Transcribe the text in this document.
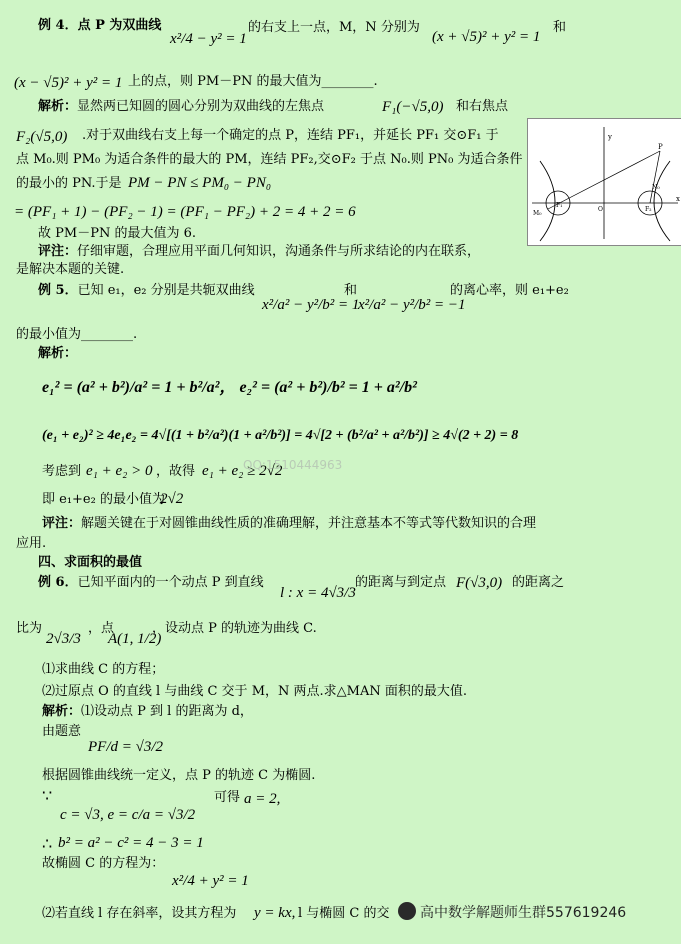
例 4．点 P 为双曲线
x²/4 − y² = 1
的右支上一点，M，N 分别为
(x + √5)² + y² = 1
和
(x − √5)² + y² = 1 上的点，则 PM－PN 的最大值为________.
解析：显然两已知圆的圆心分别为双曲线的左焦点	F₁(−√5,0) 和右焦点
F₂(√5,0) .对于双曲线右支上每一个确定的点 P，连结 PF₁，并延长 PF₁ 交⊙F₁ 于
点 M₀.则 PM₀ 为适合条件的最大的 PM，连结 PF₂,交⊙F₂ 于点 N₀.则 PN₀ 为适合条件
的最小的 PN.于是 PM − PN ≤ PM₀ − PN₀
= (PF₁ + 1) − (PF₂ − 1) = (PF₁ − PF₂) + 2 = 4 + 2 = 6
故 PM－PN 的最大值为 6.
评注：仔细审题，合理应用平面几何知识，沟通条件与所求结论的内在联系，
是解决本题的关键.
y
x
P
N₀
M₀
F₁
O	F₂
例 5．已知 e₁，e₂ 分别是共轭双曲线
x²/a² − y²/b² = 1
和
x²/a² − y²/b² = −1
的离心率，则 e₁+e₂
的最小值为________.
解析：
e₁² = (a² + b²)/a² = 1 + b²/a²， e₂² = (a² + b²)/b² = 1 + a²/b²
(e₁ + e₂)² ≥ 4e₁e₂ = 4√[(1 + b²/a²)(1 + a²/b²)] = 4√[2 + (b²/a² + a²/b²)] ≥ 4√(2 + 2) = 8
考虑到 e₁ + e₂ > 0 ，故得 e₁ + e₂ ≥ 2√2
即 e₁+e₂ 的最小值为
2√2
评注：解题关键在于对圆锥曲线性质的准确理解，并注意基本不等式等代数知识的合理
应用.
四、求面积的最值
例 6．已知平面内的一个动点 P 到直线
l : x = 4√3/3
的距离与到定点 F(√3,0) 的距离之
比为
2√3/3
，点
A(1, 1/2)
，设动点 P 的轨迹为曲线 C.
⑴求曲线 C 的方程；
⑵过原点 O 的直线 l 与曲线 C 交于 M，N 两点.求△MAN 面积的最大值.
解析：⑴设动点 P 到 l 的距离为 d，
由题意
PF/d = √3/2
根据圆锥曲线统一定义，点 P 的轨迹 C 为椭圆.
∵
c = √3, e = c/a = √3/2
可得 a = 2,
∴ b² = a² − c² = 4 − 3 = 1
故椭圆 C 的方程为：
x²/4 + y² = 1
⑵若直线 l 存在斜率，设其方程为 y = kx, l 与椭圆 C 的交
QQ:1510444963
高中数学解题师生群557619246
